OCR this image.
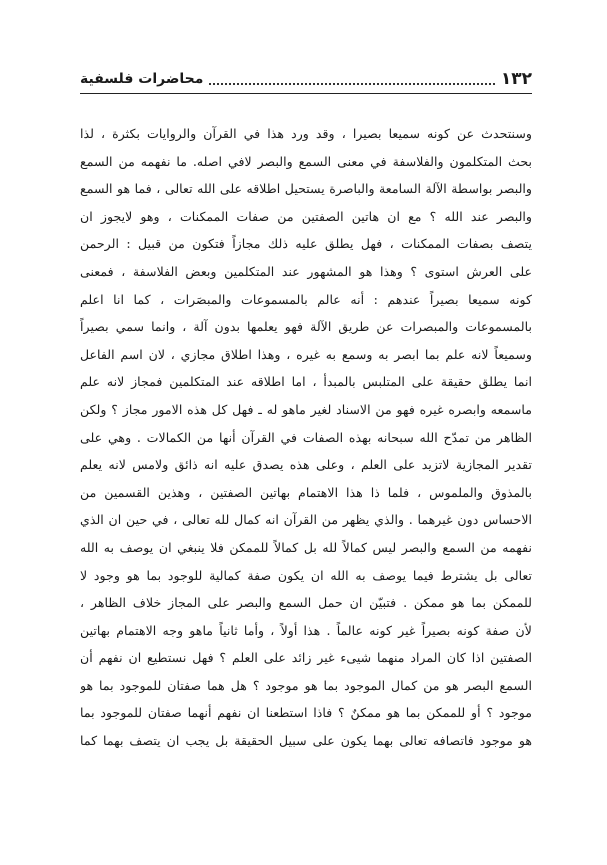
١٣٢
محاضرات فلسفية
وسنتحدث عن كونه سميعا بصيرا ، وقد ورد هذا في القرآن والروايات بكثرة ، لذا
بحث المتكلمون والفلاسفة في معنى السمع والبصر لافي اصله. ما نفهمه من السمع
والبصر بواسطة الآلة السامعة والباصرة يستحيل اطلاقه على الله تعالى ، فما هو السمع
والبصر عند الله ؟ مع ان هاتين الصفتين من صفات الممكنات ، وهو لايجوز ان
يتصف بصفات الممكنات ، فهل يطلق عليه ذلك مجازاً فتكون من قبيل : الرحمن
على العرش استوى ؟ وهذا هو المشهور عند المتكلمين وبعض الفلاسفة ، فمعنى
كونه سميعا بصيراً عندهم : أنه عالم بالمسموعات والمبصَرات ، كما انا اعلم
بالمسموعات والمبصرات عن طريق الآلة فهو يعلمها بدون آلة ، وانما سمي بصيراً
وسميعاً لانه علم بما ابصر به وسمع به غيره ، وهذا اطلاق مجازي ، لان اسم الفاعل
انما يطلق حقيقة على المتلبس بالمبدأ ، اما اطلاقه عند المتكلمين فمجاز لانه علم
ماسمعه وابصره غيره فهو من الاسناد لغير ماهو له ـ فهل كل هذه الامور مجاز ؟ ولكن
الظاهر من تمدّح الله سبحانه بهذه الصفات في القرآن أنها من الكمالات . وهي على
تقدير المجازية لاتزيد على العلم ، وعلى هذه يصدق عليه انه ذائق ولامس لانه يعلم
بالمذوق والملموس ، فلما ذا هذا الاهتمام بهاتين الصفتين ، وهذين القسمين من
الاحساس دون غيرهما . والذي يظهر من القرآن انه كمال لله تعالى ، في حين ان الذي
نفهمه من السمع والبصر ليس كمالاً لله بل كمالاً للممكن فلا ينبغي ان يوصف به الله
تعالى بل يشترط فيما يوصف به الله ان يكون صفة كمالية للوجود بما هو وجود لا
للممكن بما هو ممكن . فتبيّن ان حمل السمع والبصر على المجاز خلاف الظاهر ،
لأن صفة كونه بصيراً غير كونه عالماً . هذا أولاً ، وأما ثانياً ماهو وجه الاهتمام بهاتين
الصفتين اذا كان المراد منهما شيىء غير زائد على العلم ؟ فهل نستطيع ان نفهم أن
السمع البصر هو من كمال الموجود بما هو موجود ؟ هل هما صفتان للموجود بما هو
موجود ؟ أو للممكن بما هو ممكنٌ ؟ فاذا استطعنا ان نفهم أنهما صفتان للموجود بما
هو موجود فاتصافه تعالى بهما يكون على سبيل الحقيقة بل يجب ان يتصف بهما كما
